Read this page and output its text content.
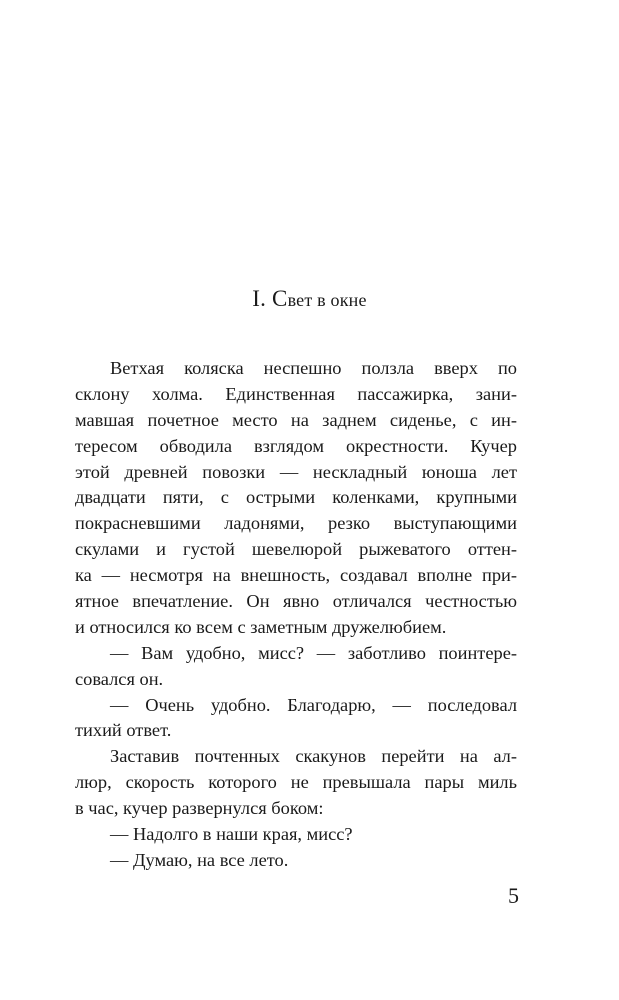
I. Свет в окне
Ветхая коляска неспешно ползла вверх по
склону холма. Единственная пассажирка, зани-
мавшая почетное место на заднем сиденье, с ин-
тересом обводила взглядом окрестности. Кучер
этой древней повозки — нескладный юноша лет
двадцати пяти, с острыми коленками, крупными
покрасневшими ладонями, резко выступающими
скулами и густой шевелюрой рыжеватого оттен-
ка — несмотря на внешность, создавал вполне при-
ятное впечатление. Он явно отличался честностью
и относился ко всем с заметным дружелюбием.
— Вам удобно, мисс? — заботливо поинтере-
совался он.
— Очень удобно. Благодарю, — последовал
тихий ответ.
Заставив почтенных скакунов перейти на ал-
люр, скорость которого не превышала пары миль
в час, кучер развернулся боком:
— Надолго в наши края, мисс?
— Думаю, на все лето.
5
